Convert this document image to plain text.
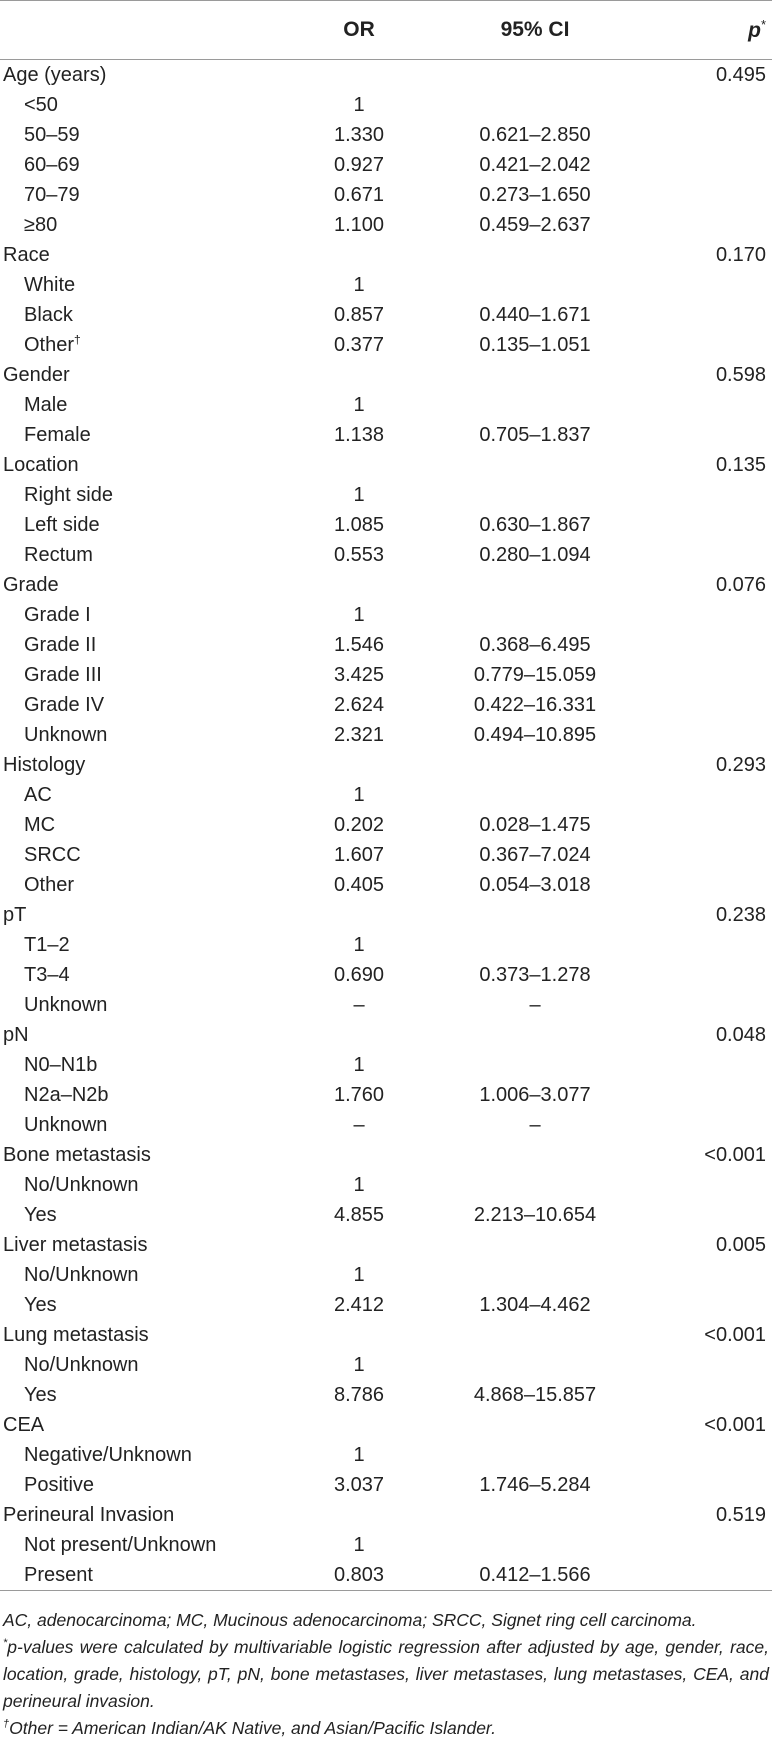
	OR	95% CI	p*
Age (years)			0.495
<50	1		
50–59	1.330	0.621–2.850	
60–69	0.927	0.421–2.042	
70–79	0.671	0.273–1.650	
≥80	1.100	0.459–2.637	
Race			0.170
White	1		
Black	0.857	0.440–1.671	
Other†	0.377	0.135–1.051	
Gender			0.598
Male	1		
Female	1.138	0.705–1.837	
Location			0.135
Right side	1		
Left side	1.085	0.630–1.867	
Rectum	0.553	0.280–1.094	
Grade			0.076
Grade I	1		
Grade II	1.546	0.368–6.495	
Grade III	3.425	0.779–15.059	
Grade IV	2.624	0.422–16.331	
Unknown	2.321	0.494–10.895	
Histology			0.293
AC	1		
MC	0.202	0.028–1.475	
SRCC	1.607	0.367–7.024	
Other	0.405	0.054–3.018	
pT			0.238
T1–2	1		
T3–4	0.690	0.373–1.278	
Unknown	–	–	
pN			0.048
N0–N1b	1		
N2a–N2b	1.760	1.006–3.077	
Unknown	–	–	
Bone metastasis			<0.001
No/Unknown	1		
Yes	4.855	2.213–10.654	
Liver metastasis			0.005
No/Unknown	1		
Yes	2.412	1.304–4.462	
Lung metastasis			<0.001
No/Unknown	1		
Yes	8.786	4.868–15.857	
CEA			<0.001
Negative/Unknown	1		
Positive	3.037	1.746–5.284	
Perineural Invasion			0.519
Not present/Unknown	1		
Present	0.803	0.412–1.566	

AC, adenocarcinoma; MC, Mucinous adenocarcinoma; SRCC, Signet ring cell carcinoma.

*p-values were calculated by multivariable logistic regression after adjusted by age, gender, race, location, grade, histology, pT, pN, bone metastases, liver metastases, lung metastases, CEA, and perineural invasion.

†Other = American Indian/AK Native, and Asian/Pacific Islander.
